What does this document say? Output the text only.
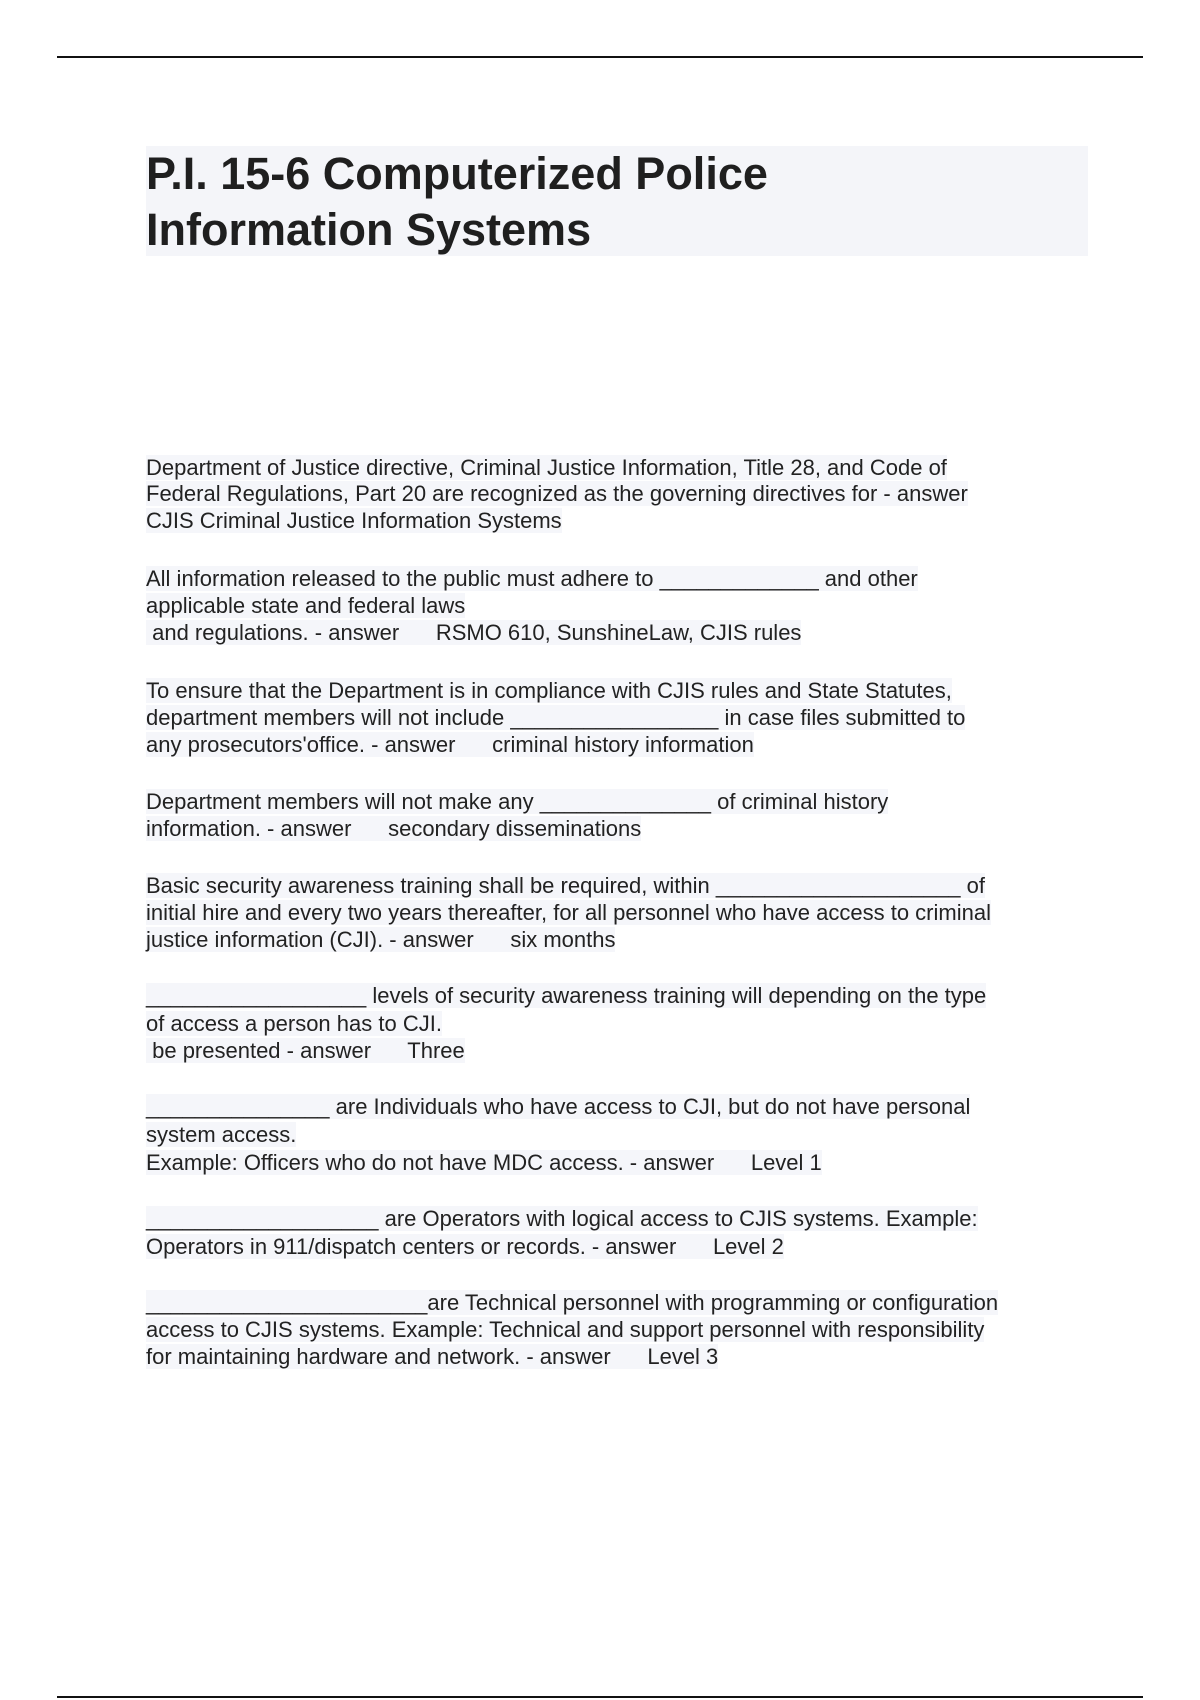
P.I. 15-6 Computerized Police
Information Systems
Department of Justice directive, Criminal Justice Information, Title 28, and Code of
Federal Regulations, Part 20 are recognized as the governing directives for - answer
CJIS Criminal Justice Information Systems
All information released to the public must adhere to _____________ and other
applicable state and federal laws
and regulations. - answer      RSMO 610, SunshineLaw, CJIS rules
To ensure that the Department is in compliance with CJIS rules and State Statutes,
department members will not include _________________ in case files submitted to
any prosecutors'office. - answer      criminal history information
Department members will not make any ______________ of criminal history
information. - answer      secondary disseminations
Basic security awareness training shall be required, within ____________________ of
initial hire and every two years thereafter, for all personnel who have access to criminal
justice information (CJI). - answer      six months
__________________ levels of security awareness training will depending on the type
of access a person has to CJI.
be presented - answer      Three
_______________ are Individuals who have access to CJI, but do not have personal
system access.
Example: Officers who do not have MDC access. - answer      Level 1
___________________ are Operators with logical access to CJIS systems. Example:
Operators in 911/dispatch centers or records. - answer      Level 2
_______________________are Technical personnel with programming or configuration
access to CJIS systems. Example: Technical and support personnel with responsibility
for maintaining hardware and network. - answer      Level 3
